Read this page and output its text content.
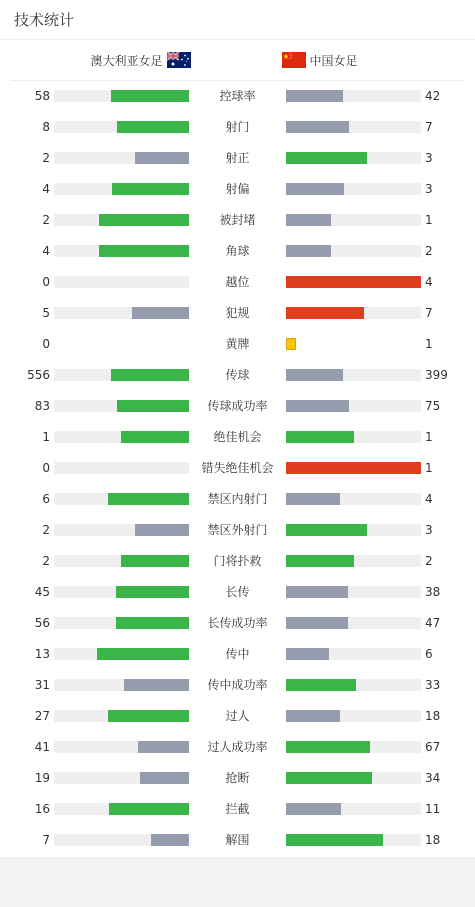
技术统计
澳大利亚女足	中国女足
58	控球率	42
8	射门	7
2	射正	3
4	射偏	3
2	被封堵	1
4	角球	2
0	越位	4
5	犯规	7
0	黄牌	1
556	传球	399
83	传球成功率	75
1	绝佳机会	1
0	错失绝佳机会	1
6	禁区内射门	4
2	禁区外射门	3
2	门将扑救	2
45	长传	38
56	长传成功率	47
13	传中	6
31	传中成功率	33
27	过人	18
41	过人成功率	67
19	抢断	34
16	拦截	11
7	解围	18
